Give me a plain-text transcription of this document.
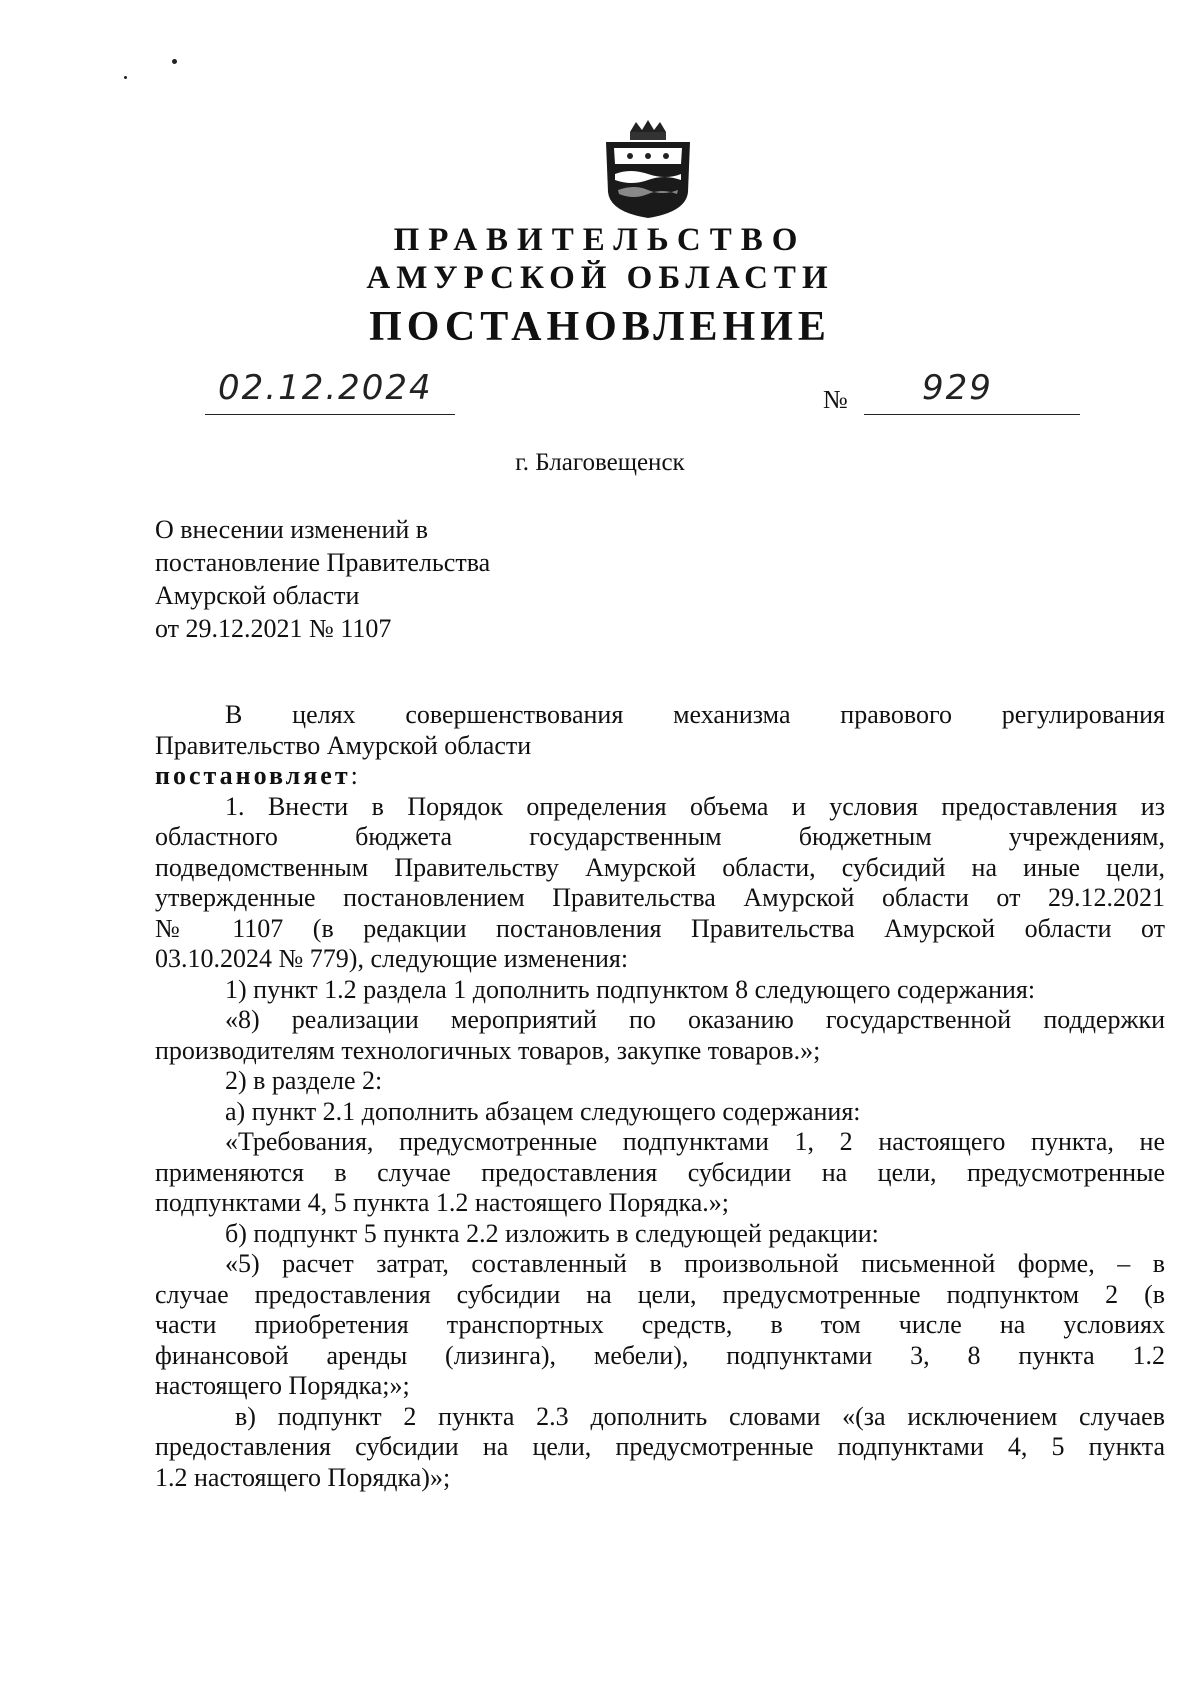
ПРАВИТЕЛЬСТВО
АМУРСКОЙ ОБЛАСТИ
ПОСТАНОВЛЕНИЕ
02.12.2024	№ 929
г. Благовещенск
О внесении изменений в
постановление Правительства
Амурской области
от 29.12.2021 № 1107
В целях совершенствования механизма правового регулирования
Правительство Амурской области
постановляет:
1. Внести в Порядок определения объема и условия предоставления из
областного бюджета государственным бюджетным учреждениям,
подведомственным Правительству Амурской области, субсидий на иные цели,
утвержденные постановлением Правительства Амурской области от 29.12.2021
№ 1107 (в редакции постановления Правительства Амурской области от
03.10.2024 № 779), следующие изменения:
1) пункт 1.2 раздела 1 дополнить подпунктом 8 следующего содержания:
«8) реализации мероприятий по оказанию государственной поддержки
производителям технологичных товаров, закупке товаров.»;
2) в разделе 2:
а) пункт 2.1 дополнить абзацем следующего содержания:
«Требования, предусмотренные подпунктами 1, 2 настоящего пункта, не
применяются в случае предоставления субсидии на цели, предусмотренные
подпунктами 4, 5 пункта 1.2 настоящего Порядка.»;
б) подпункт 5 пункта 2.2 изложить в следующей редакции:
«5) расчет затрат, составленный в произвольной письменной форме, – в
случае предоставления субсидии на цели, предусмотренные подпунктом 2 (в
части приобретения транспортных средств, в том числе на условиях
финансовой аренды (лизинга), мебели), подпунктами 3, 8 пункта 1.2
настоящего Порядка;»;
в) подпункт 2 пункта 2.3 дополнить словами «(за исключением случаев
предоставления субсидии на цели, предусмотренные подпунктами 4, 5 пункта
1.2 настоящего Порядка)»;
